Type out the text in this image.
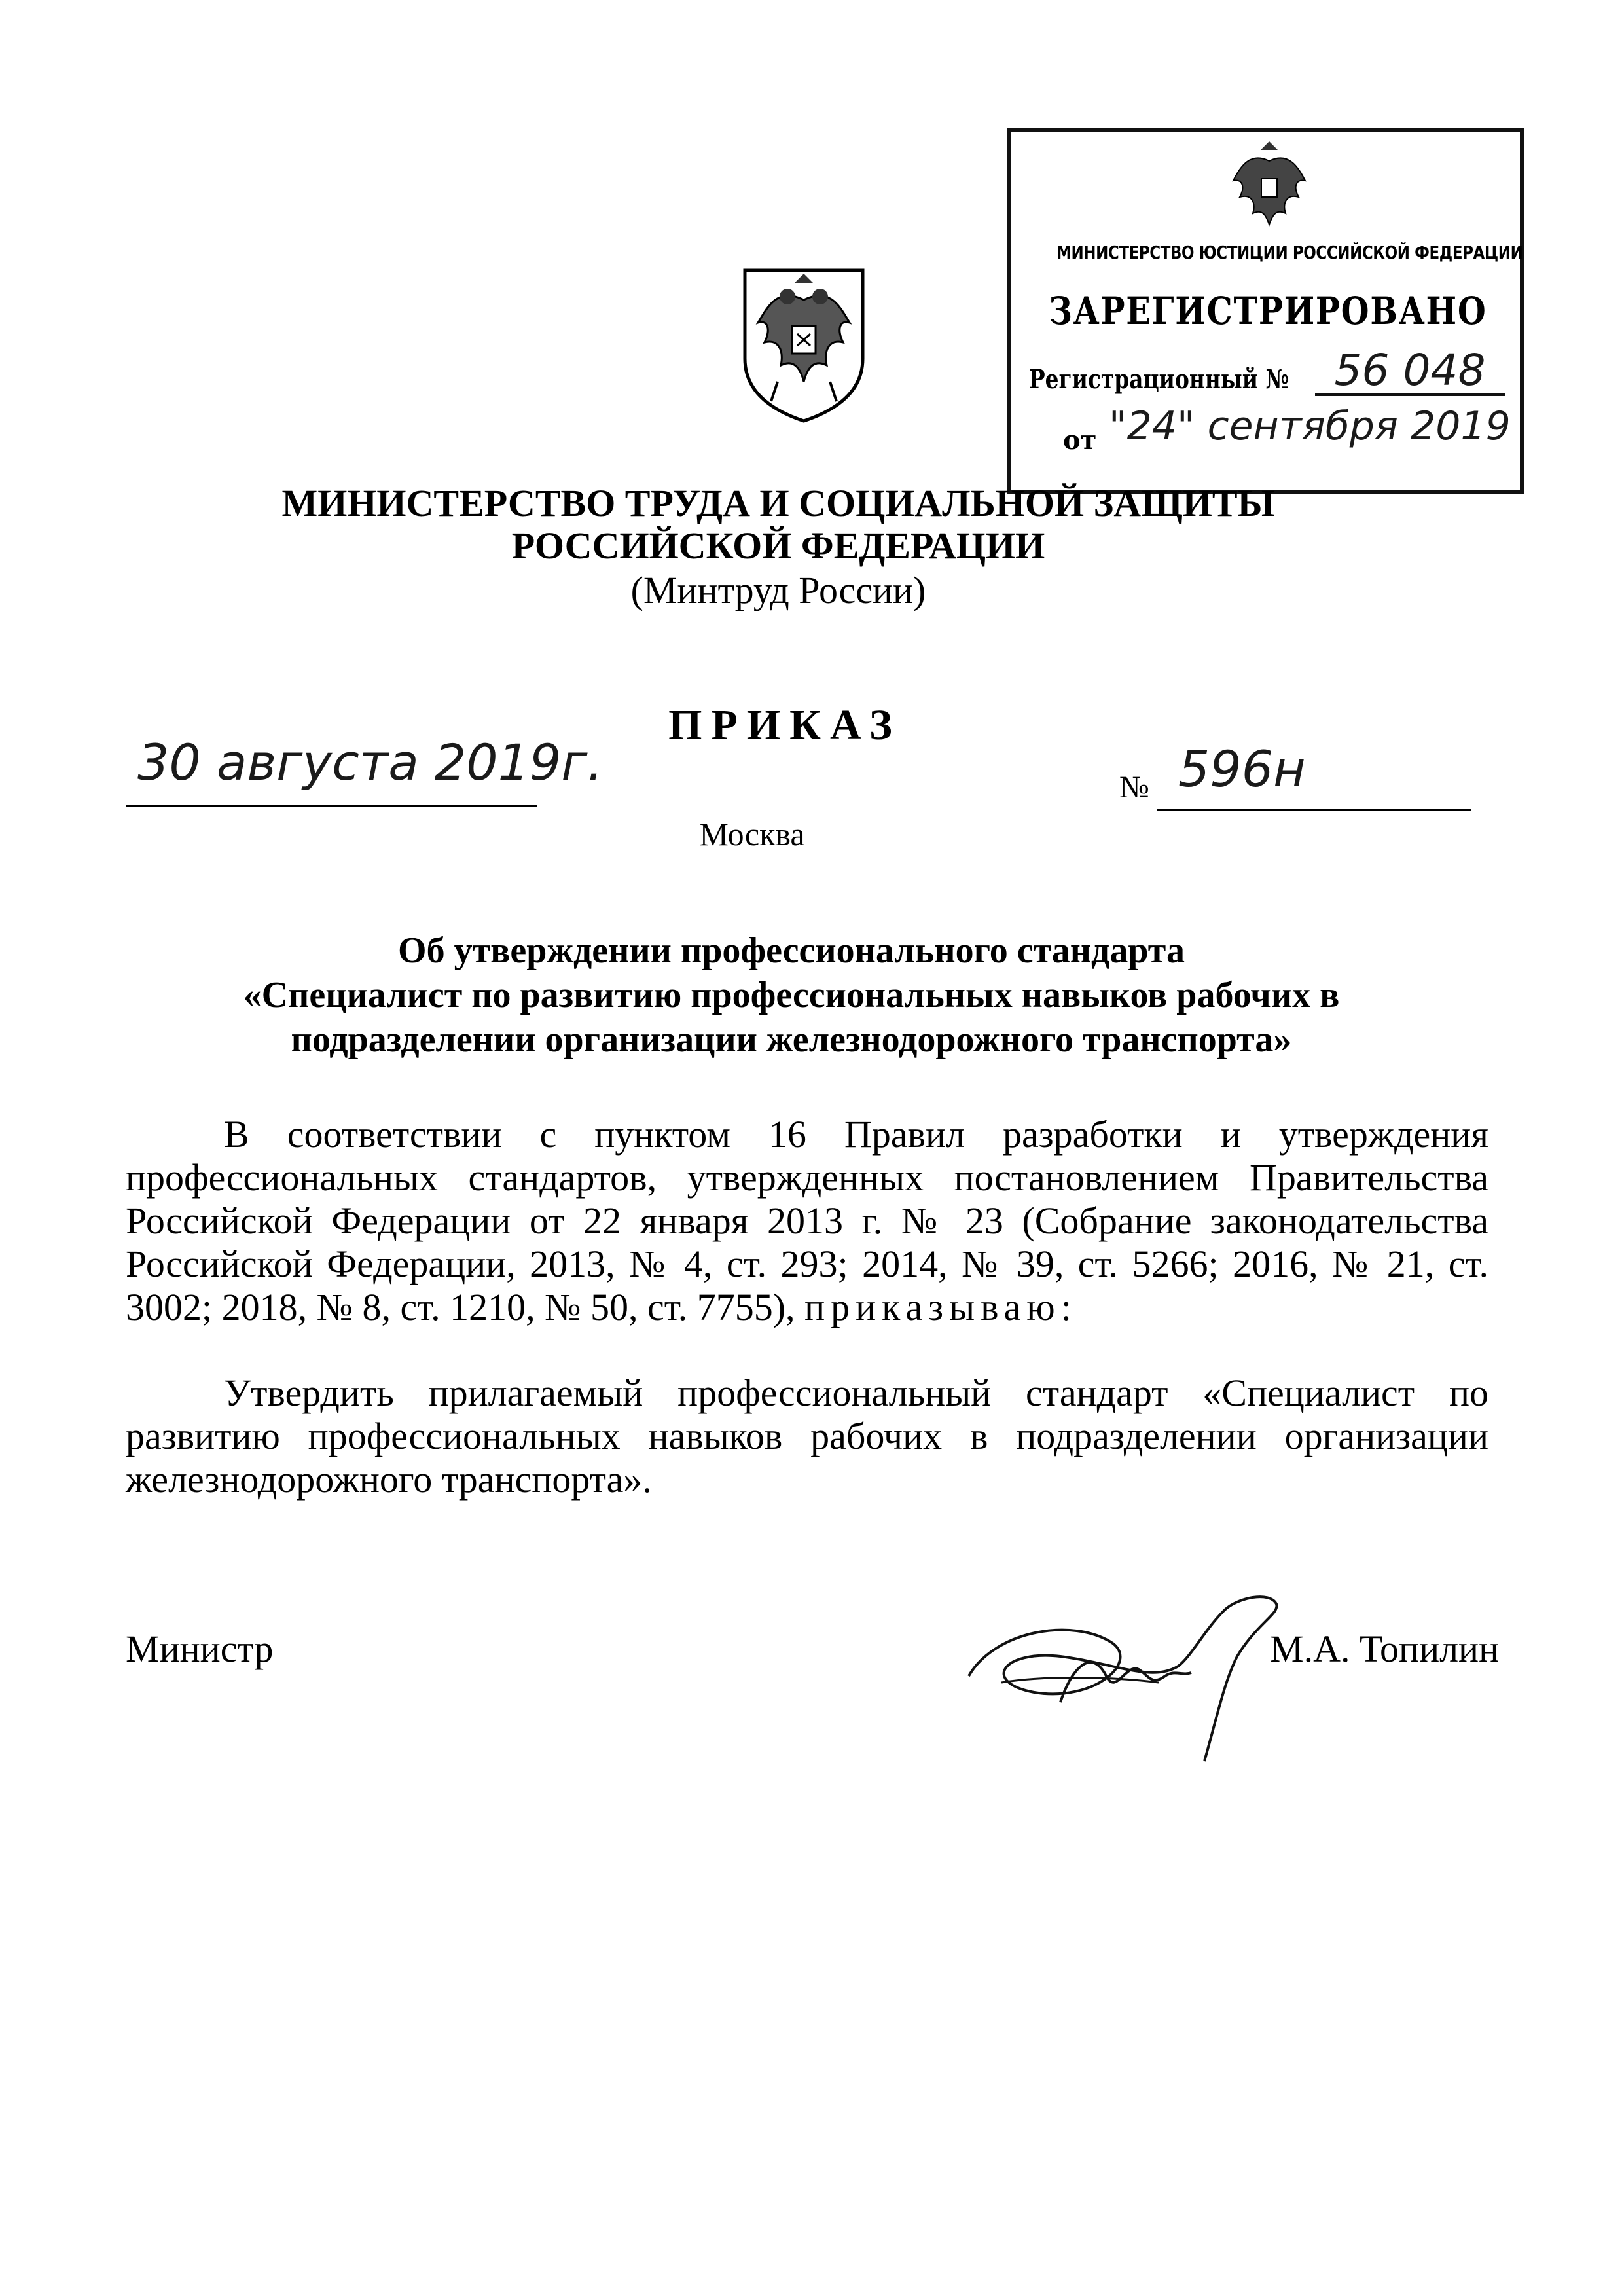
МИНИСТЕРСТВО ЮСТИЦИИ РОССИЙСКОЙ ФЕДЕРАЦИИ
ЗАРЕГИСТРИРОВАНО
Регистрационный №	56 048
от "24" сентября 2019
МИНИСТЕРСТВО ТРУДА И СОЦИАЛЬНОЙ ЗАЩИТЫ
РОССИЙСКОЙ ФЕДЕРАЦИИ
(Минтруд России)
ПРИКАЗ
30 августа 2019г.	№ 596н
Москва
Об утверждении профессионального стандарта
«Специалист по развитию профессиональных навыков рабочих в
подразделении организации железнодорожного транспорта»
В соответствии с пунктом 16 Правил разработки и утверждения профессиональных стандартов, утвержденных постановлением Правительства Российской Федерации от 22 января 2013 г. № 23 (Собрание законодательства Российской Федерации, 2013, № 4, ст. 293; 2014, № 39, ст. 5266; 2016, № 21, ст. 3002; 2018, № 8, ст. 1210, № 50, ст. 7755), приказываю:
Утвердить прилагаемый профессиональный стандарт «Специалист по развитию профессиональных навыков рабочих в подразделении организации железнодорожного транспорта».
Министр	М.А. Топилин
